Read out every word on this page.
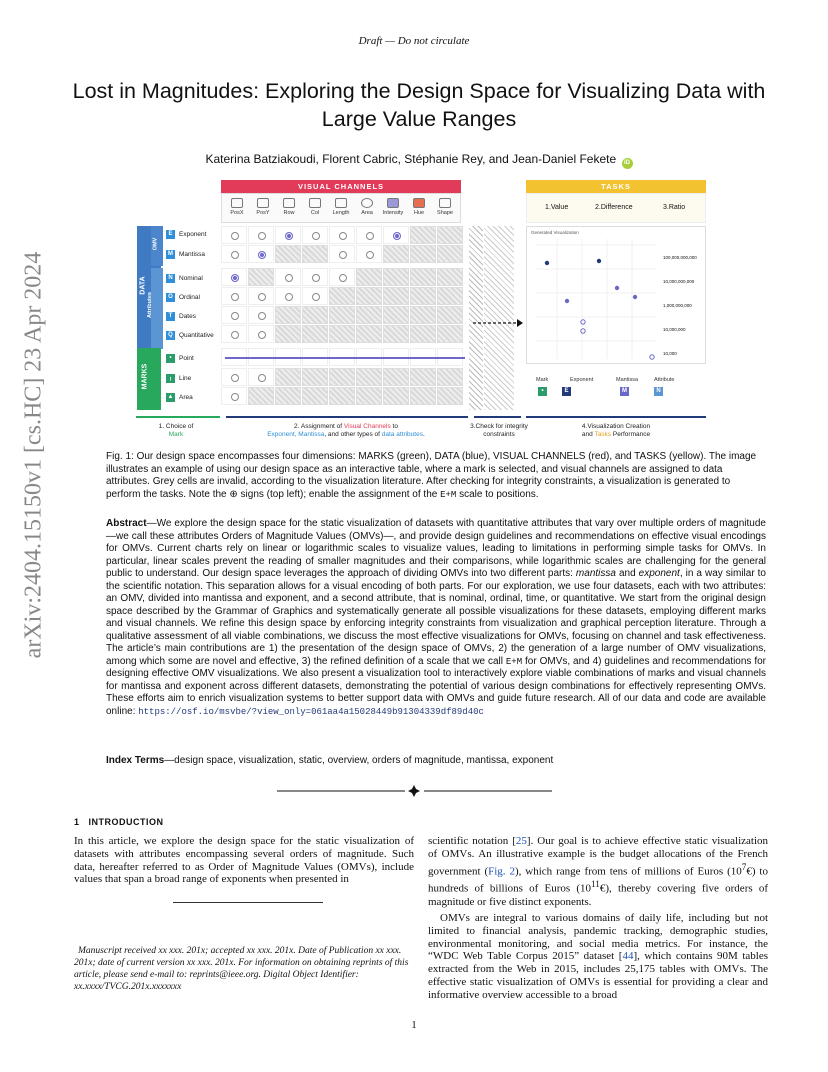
Draft — Do not circulate
arXiv:2404.15150v1 [cs.HC] 23 Apr 2024
Lost in Magnitudes: Exploring the Design Space for Visualizing Data with Large Value Ranges
Katerina Batziakoudi, Florent Cabric, Stéphanie Rey, and Jean-Daniel Fekete iD
VISUAL CHANNELS
PosX	PosY	Row	Col	Length	Area	Intensity	Hue	Shape
TASKS
1.Value	2.Difference	3.Ratio
DATA
OMV
Attributes
MARKS
E	Exponent
M Mantissa
N Nominal
O Ordinal
T	Dates
Q Quantitative
•	Point
╷	Line
▲ Area
Generated Visualization
100,000,000,000
10,000,000,000
1,000,000,000
10,000,000
10,000
Mark	Exponent	Mantissa	Attribute
•	E	M	N
1. Choice of
Mark
2. Assignment of Visual Channels to
Exponent, Mantissa, and other types of data attributes.
3.Check for integrity
constraints
4.Visualization Creation
and Tasks Performance
Fig. 1: Our design space encompasses four dimensions: MARKS (green), DATA (blue), VISUAL CHANNELS (red), and TASKS (yellow). The image illustrates an example of using our design space as an interactive table, where a mark is selected, and visual channels are assigned to data attributes. Grey cells are invalid, according to the visualization literature. After checking for integrity constraints, a visualization is generated to perform the tasks. Note the ⊕ signs (top left); enable the assignment of the E+M scale to positions.
Abstract—We explore the design space for the static visualization of datasets with quantitative attributes that vary over multiple orders of magnitude—we call these attributes Orders of Magnitude Values (OMVs)—, and provide design guidelines and recommendations on effective visual encodings for OMVs. Current charts rely on linear or logarithmic scales to visualize values, leading to limitations in performing simple tasks for OMVs. In particular, linear scales prevent the reading of smaller magnitudes and their comparisons, while logarithmic scales are challenging for the general public to understand. Our design space leverages the approach of dividing OMVs into two different parts: mantissa and exponent, in a way similar to the scientific notation. This separation allows for a visual encoding of both parts. For our exploration, we use four datasets, each with two attributes: an OMV, divided into mantissa and exponent, and a second attribute, that is nominal, ordinal, time, or quantitative. We start from the original design space described by the Grammar of Graphics and systematically generate all possible visualizations for these datasets, employing different marks and visual channels. We refine this design space by enforcing integrity constraints from visualization and graphical perception literature. Through a qualitative assessment of all viable combinations, we discuss the most effective visualizations for OMVs, focusing on channel and task effectiveness. The article’s main contributions are 1) the presentation of the design space of OMVs, 2) the generation of a large number of OMV visualizations, among which some are novel and effective, 3) the refined definition of a scale that we call E+M for OMVs, and 4) guidelines and recommendations for designing effective OMV visualizations. We also present a visualization tool to interactively explore viable combinations of marks and visual channels for mantissa and exponent across different datasets, demonstrating the potential of various design combinations for effectively representing OMVs. These efforts aim to enrich visualization systems to better support data with OMVs and guide future research. All of our data and code are available online: https://osf.io/msvbe/?view_only=061aa4a15028449b91304339df89d40c
Index Terms—design space, visualization, static, overview, orders of magnitude, mantissa, exponent
1 INTRODUCTION
In this article, we explore the design space for the static visualization of datasets with attributes encompassing several orders of magnitude. Such data, hereafter referred to as Order of Magnitude Values (OMVs), include values that span a broad range of exponents when presented in
scientific notation [25]. Our goal is to achieve effective static visualization of OMVs. An illustrative example is the budget allocations of the French government (Fig. 2), which range from tens of millions of Euros $(10^7€)$ to hundreds of billions of Euros $(10^{11}€)$, thereby covering five orders of magnitude or five distinct exponents.
OMVs are integral to various domains of daily life, including but not limited to financial analysis, pandemic tracking, demographic studies, environmental monitoring, and social media metrics. For instance, the “WDC Web Table Corpus 2015” dataset [44], which contains 90M tables extracted from the Web in 2015, includes 25,175 tables with OMVs. The effective static visualization of OMVs is essential for providing a clear and informative overview accessible to a broad
Manuscript received xx xxx. 201x; accepted xx xxx. 201x. Date of Publication xx xxx. 201x; date of current version xx xxx. 201x. For information on obtaining reprints of this article, please send e-mail to: reprints@ieee.org. Digital Object Identifier: xx.xxxx/TVCG.201x.xxxxxxx
1
